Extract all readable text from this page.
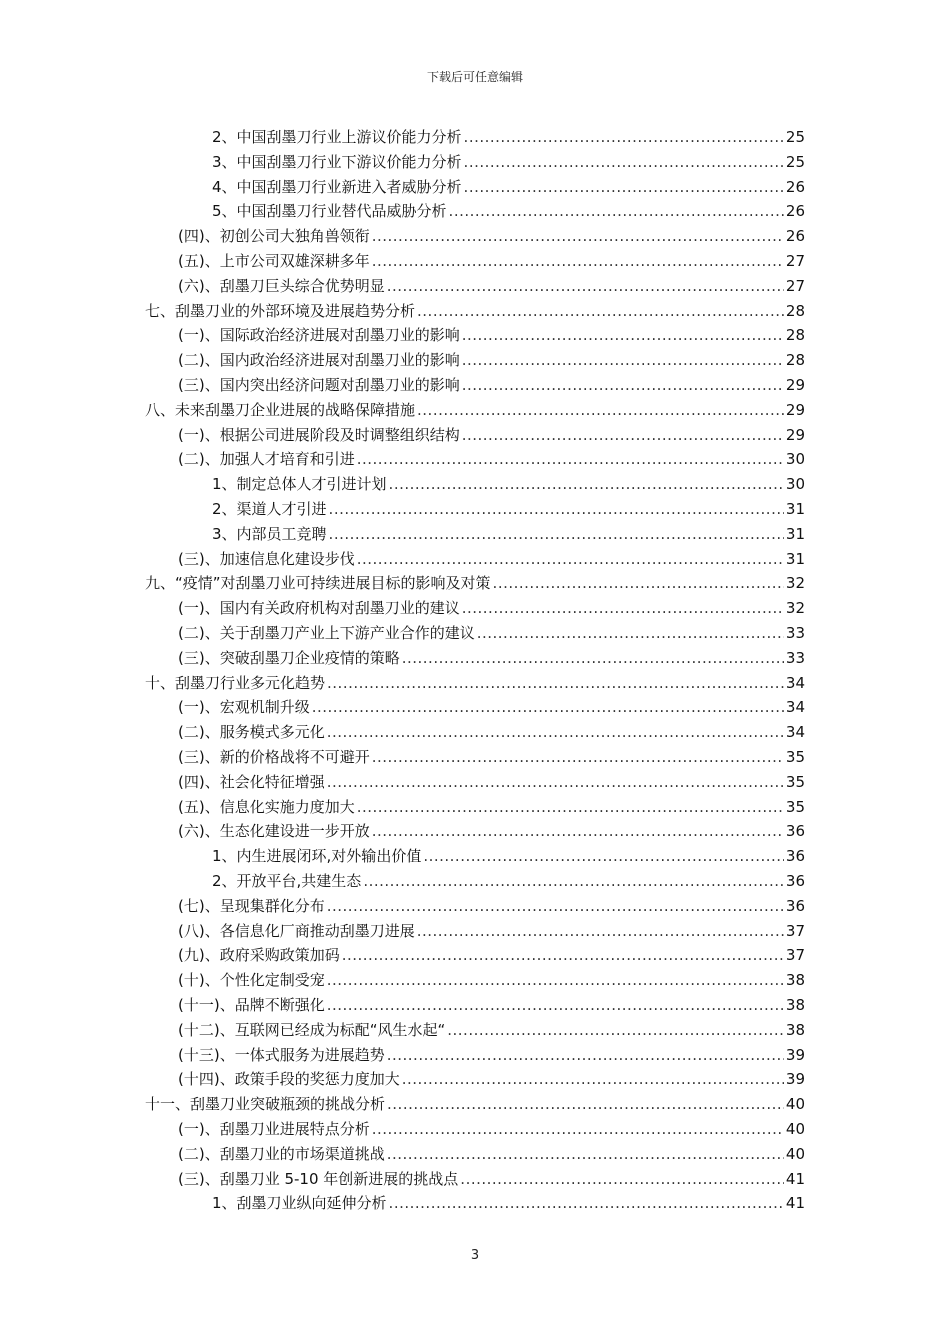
下载后可任意编辑
2、中国刮墨刀行业上游议价能力分析 .....	25
3、中国刮墨刀行业下游议价能力分析 .....	25
4、中国刮墨刀行业新进入者威胁分析 .....	26
5、中国刮墨刀行业替代品威胁分析 .....	26
(四)、初创公司大独角兽领衔 .....	26
(五)、上市公司双雄深耕多年 .....	27
(六)、刮墨刀巨头综合优势明显 .....	27
七、刮墨刀业的外部环境及进展趋势分析 .....	28
(一)、国际政治经济进展对刮墨刀业的影响 .....	28
(二)、国内政治经济进展对刮墨刀业的影响 .....	28
(三)、国内突出经济问题对刮墨刀业的影响 .....	29
八、未来刮墨刀企业进展的战略保障措施 .....	29
(一)、根据公司进展阶段及时调整组织结构 .....	29
(二)、加强人才培育和引进 .....	30
1、制定总体人才引进计划 .....	30
2、渠道人才引进 .....	31
3、内部员工竞聘 .....	31
(三)、加速信息化建设步伐 .....	31
九、“疫情”对刮墨刀业可持续进展目标的影响及对策 .....	32
(一)、国内有关政府机构对刮墨刀业的建议 .....	32
(二)、关于刮墨刀产业上下游产业合作的建议 .....	33
(三)、突破刮墨刀企业疫情的策略 .....	33
十、刮墨刀行业多元化趋势 .....	34
(一)、宏观机制升级 .....	34
(二)、服务模式多元化 .....	34
(三)、新的价格战将不可避开 .....	35
(四)、社会化特征增强 .....	35
(五)、信息化实施力度加大 .....	35
(六)、生态化建设进一步开放 .....	36
1、内生进展闭环,对外输出价值 .....	36
2、开放平台,共建生态 .....	36
(七)、呈现集群化分布 .....	36
(八)、各信息化厂商推动刮墨刀进展 .....	37
(九)、政府采购政策加码 .....	37
(十)、个性化定制受宠 .....	38
(十一)、品牌不断强化 .....	38
(十二)、互联网已经成为标配“风生水起“ .....	38
(十三)、一体式服务为进展趋势 .....	39
(十四)、政策手段的奖惩力度加大 .....	39
十一、刮墨刀业突破瓶颈的挑战分析 .....	40
(一)、刮墨刀业进展特点分析 .....	40
(二)、刮墨刀业的市场渠道挑战 .....	40
(三)、刮墨刀业 5-10 年创新进展的挑战点 .....	41
1、刮墨刀业纵向延伸分析 .....	41
3
